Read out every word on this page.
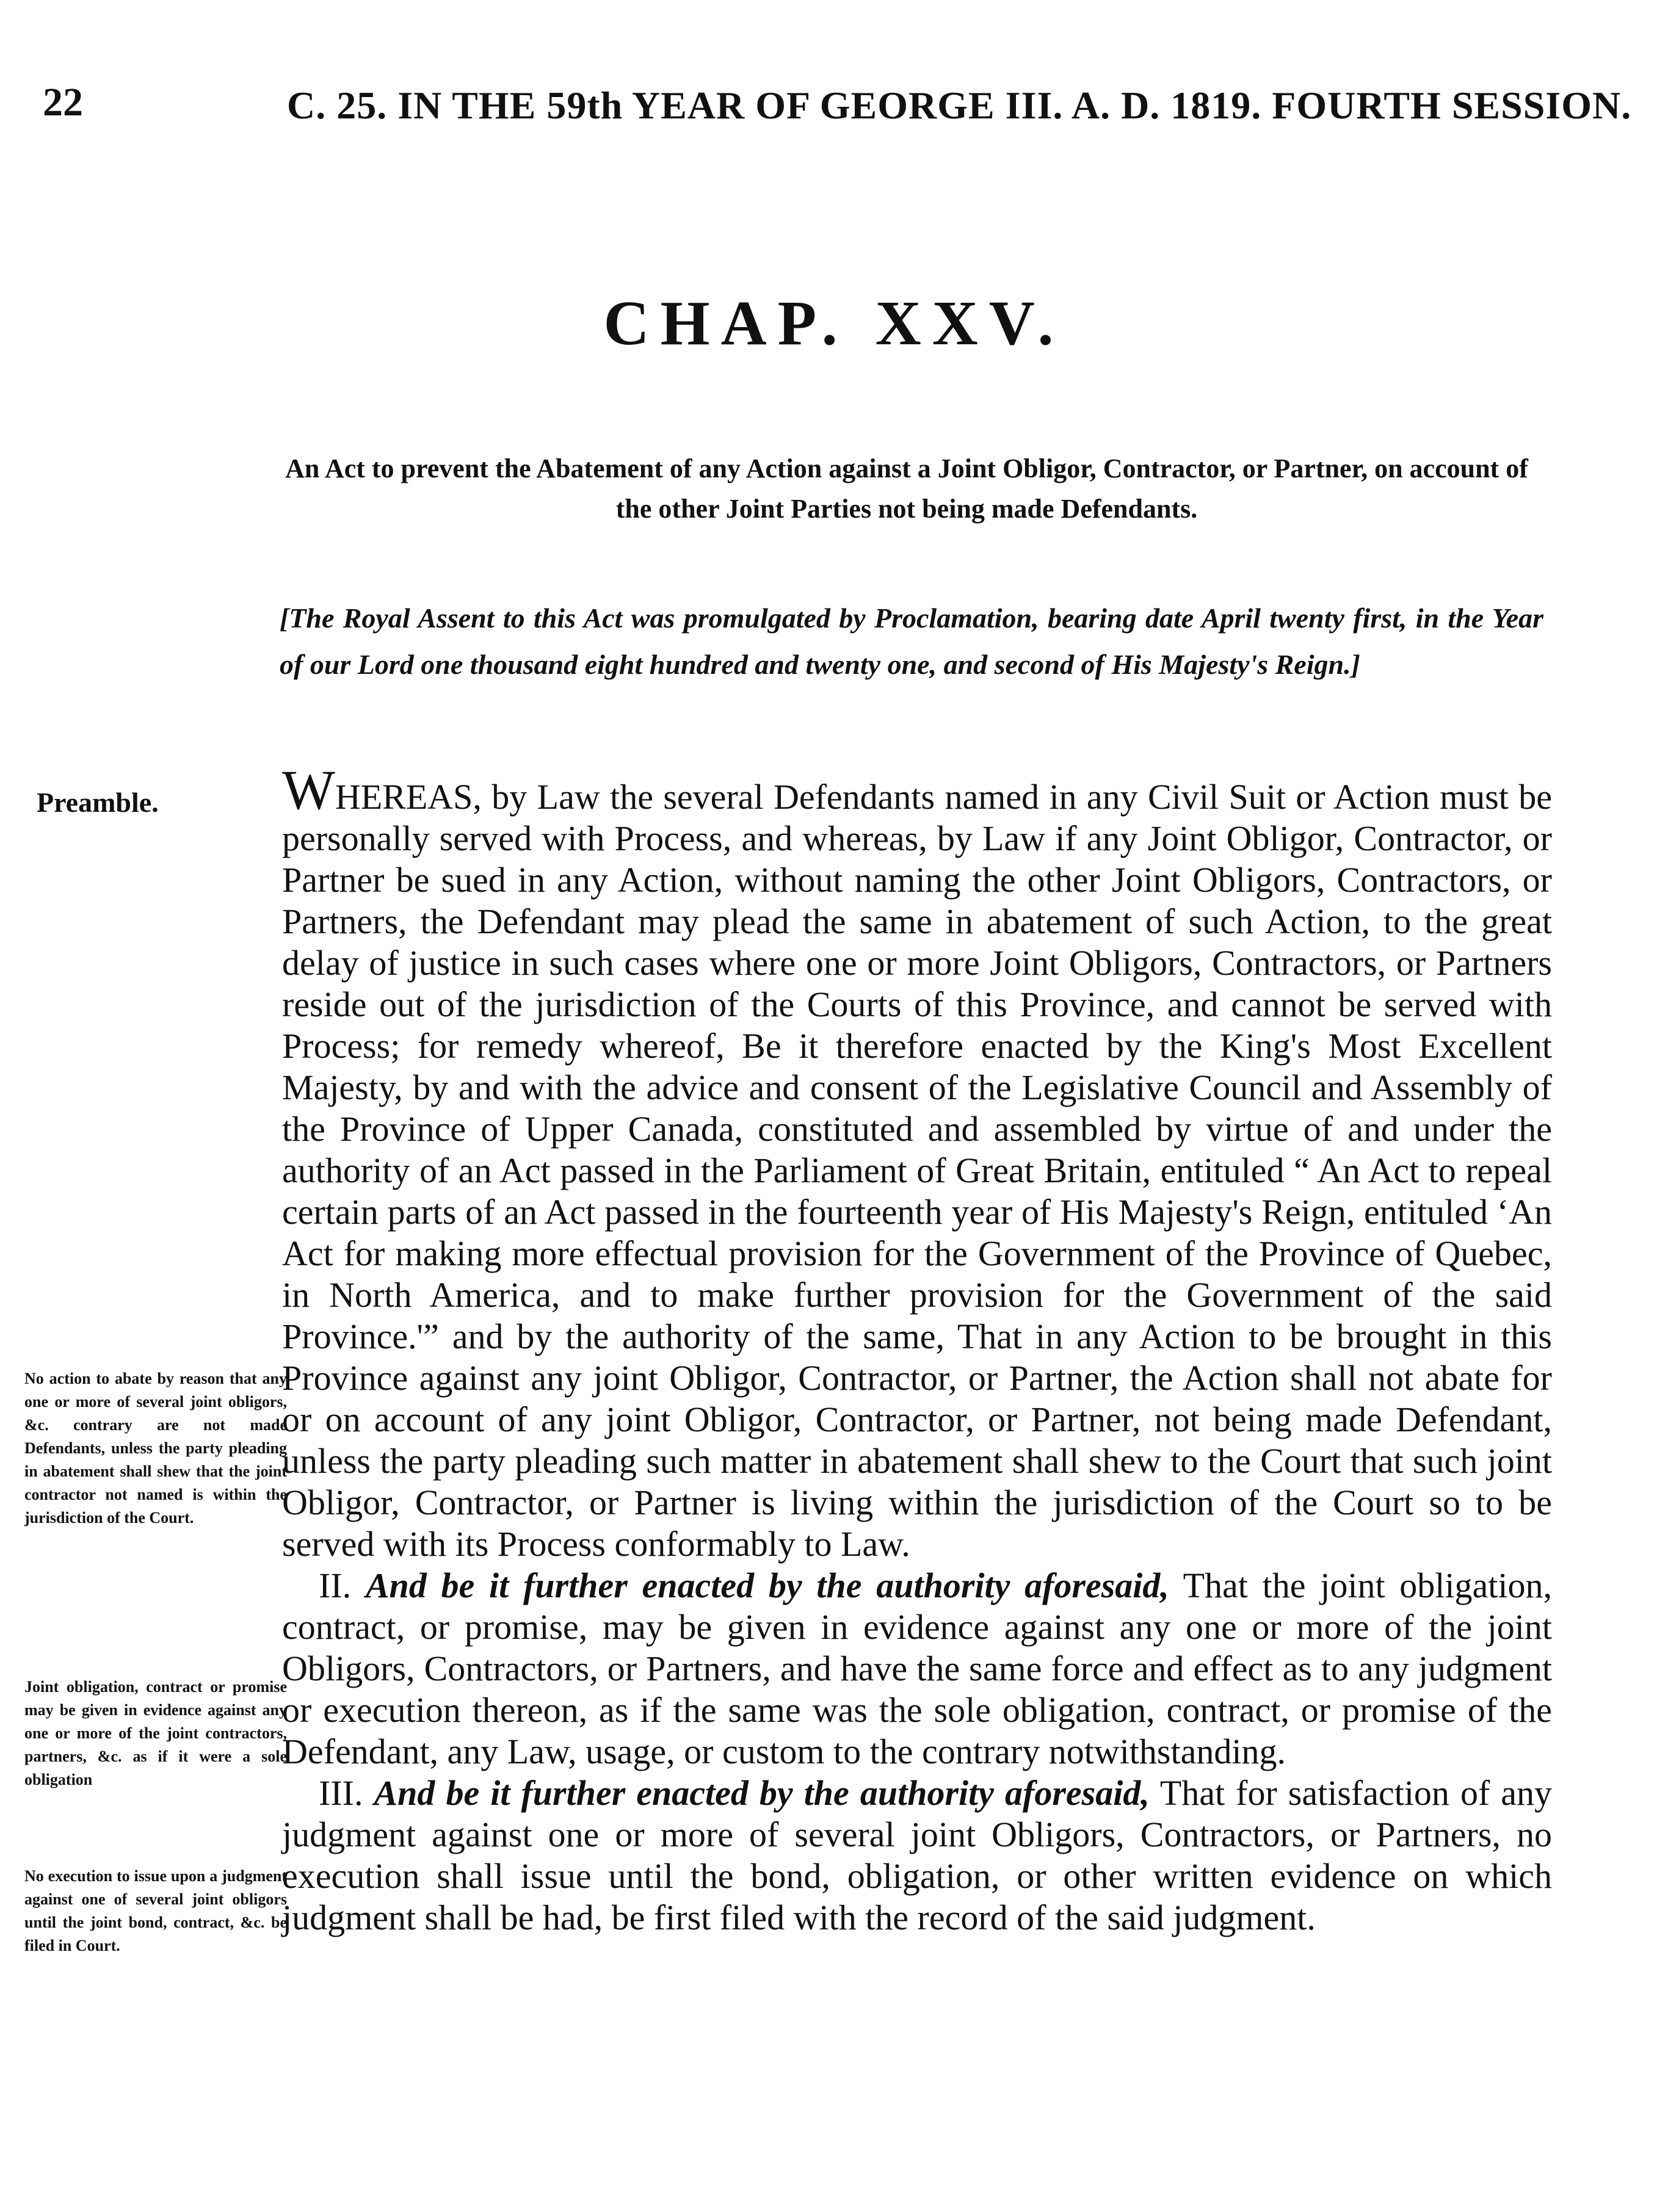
22	C. 25. IN THE 59th YEAR OF GEORGE III. A. D. 1819. FOURTH SESSION.
CHAP. XXV.
An Act to prevent the Abatement of any Action against a Joint Obligor, Contractor, or Partner, on account of the other Joint Parties not being made Defendants.
[The Royal Assent to this Act was promulgated by Proclamation, bearing date April twenty first, in the Year of our Lord one thousand eight hundred and twenty one, and second of His Majesty's Reign.]
Preamble.
No action to abate by reason that any one or more of several joint obligors, &c. contrary are not made Defendants, unless the party pleading in abatement shall shew that the joint contractor not named is within the jurisdiction of the Court.
Joint obligation, contract or promise may be given in evidence against any one or more of the joint contractors, partners, &c. as if it were a sole obligation
No execution to issue upon a judgment against one of several joint obligors until the joint bond, contract, &c. be filed in Court.

WHEREAS, by Law the several Defendants named in any Civil Suit or Action must be personally served with Process, and whereas, by Law if any Joint Obligor, Contractor, or Partner be sued in any Action, without naming the other Joint Obligors, Contractors, or Partners, the Defendant may plead the same in abatement of such Action, to the great delay of justice in such cases where one or more Joint Obligors, Contractors, or Partners reside out of the jurisdiction of the Courts of this Province, and cannot be served with Process; for remedy whereof, Be it therefore enacted by the King's Most Excellent Majesty, by and with the advice and consent of the Legislative Council and Assembly of the Province of Upper Canada, constituted and assembled by virtue of and under the authority of an Act passed in the Parliament of Great Britain, entituled “ An Act to repeal certain parts of an Act passed in the fourteenth year of His Majesty's Reign, entituled ‘An Act for making more effectual provision for the Government of the Province of Quebec, in North America, and to make further provision for the Government of the said Province.'” and by the authority of the same, That in any Action to be brought in this Province against any joint Obligor, Contractor, or Partner, the Action shall not abate for or on account of any joint Obligor, Contractor, or Partner, not being made Defendant, unless the party pleading such matter in abatement shall shew to the Court that such joint Obligor, Contractor, or Partner is living within the jurisdiction of the Court so to be served with its Process conformably to Law.

II. And be it further enacted by the authority aforesaid, That the joint obligation, contract, or promise, may be given in evidence against any one or more of the joint Obligors, Contractors, or Partners, and have the same force and effect as to any judgment or execution thereon, as if the same was the sole obligation, contract, or promise of the Defendant, any Law, usage, or custom to the contrary notwithstanding.

III. And be it further enacted by the authority aforesaid, That for satisfaction of any judgment against one or more of several joint Obligors, Contractors, or Partners, no execution shall issue until the bond, obligation, or other written evidence on which judgment shall be had, be first filed with the record of the said judgment.
